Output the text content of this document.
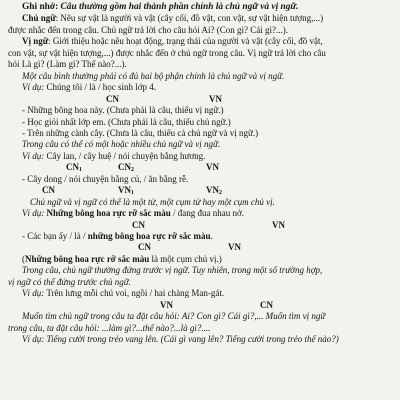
Ghi nhớ: Câu thường gồm hai thành phần chính là chủ ngữ và vị ngữ.
Chủ ngữ: Nêu sự vật là người và vật (cây cối, đồ vật, con vật, sự vật hiện tượng,...)
được nhắc đến trong câu. Chủ ngữ trả lời cho câu hỏi Ai? (Con gì? Cái gì?...).
Vị ngữ: Giới thiệu hoặc nêu hoạt động, trạng thái của người và vật (cây cối, đồ vật,
con vật, sự vật hiện tượng,...) được nhắc đến ở chủ ngữ trong câu. Vị ngữ trả lời cho câu
hỏi Là gì? (Làm gì? Thế nào?...).
Một câu bình thường phải có đủ hai bộ phận chính là chủ ngữ và vị ngữ.
Ví dụ: Chúng tôi / là / học sinh lớp 4.
CN	VN
- Những bông hoa này. (Chưa phải là câu, thiếu vị ngữ.)
- Học giỏi nhất lớp em. (Chưa phải là câu, thiếu chủ ngữ.)
- Trên những cành cây. (Chưa là câu, thiếu cả chủ ngữ và vị ngữ.)
Trong câu có thể có một hoặc nhiều chủ ngữ và vị ngữ.
Ví dụ: Cây lan, / cây huệ / nói chuyện bằng hương.
$CN_1$	$CN_2$	VN
- Cây dong / nói chuyện bằng củ, / ăn bằng rễ.
CN	$VN_1$	$VN_2$
Chủ ngữ và vị ngữ có thể là một từ, một cụm từ hay một cụm chủ vị.
Ví dụ: Những bông hoa rực rỡ sắc màu / đang đua nhau nở.
CN	VN
- Các bạn ấy / là / những bông hoa rực rỡ sắc màu.
CN	VN
(Những bông hoa rực rỡ sắc màu là một cụm chủ vị.)
Trong câu, chủ ngữ thường đứng trước vị ngữ. Tuy nhiên, trong một số trường hợp,
vị ngữ có thể đứng trước chủ ngữ.
Ví dụ: Trên lưng mỗi chú voi, ngồi / hai chàng Man-gát.
VN	CN
Muốn tìm chủ ngữ trong câu ta đặt câu hỏi: Ai? Con gì? Cái gì?,... Muốn tìm vị ngữ
trong câu, ta đặt câu hỏi: ...làm gì?...thế nào?...là gì?....
Ví dụ: Tiếng cười trong trẻo vang lên. (Cái gì vang lên? Tiếng cười trong trẻo thế nào?)
